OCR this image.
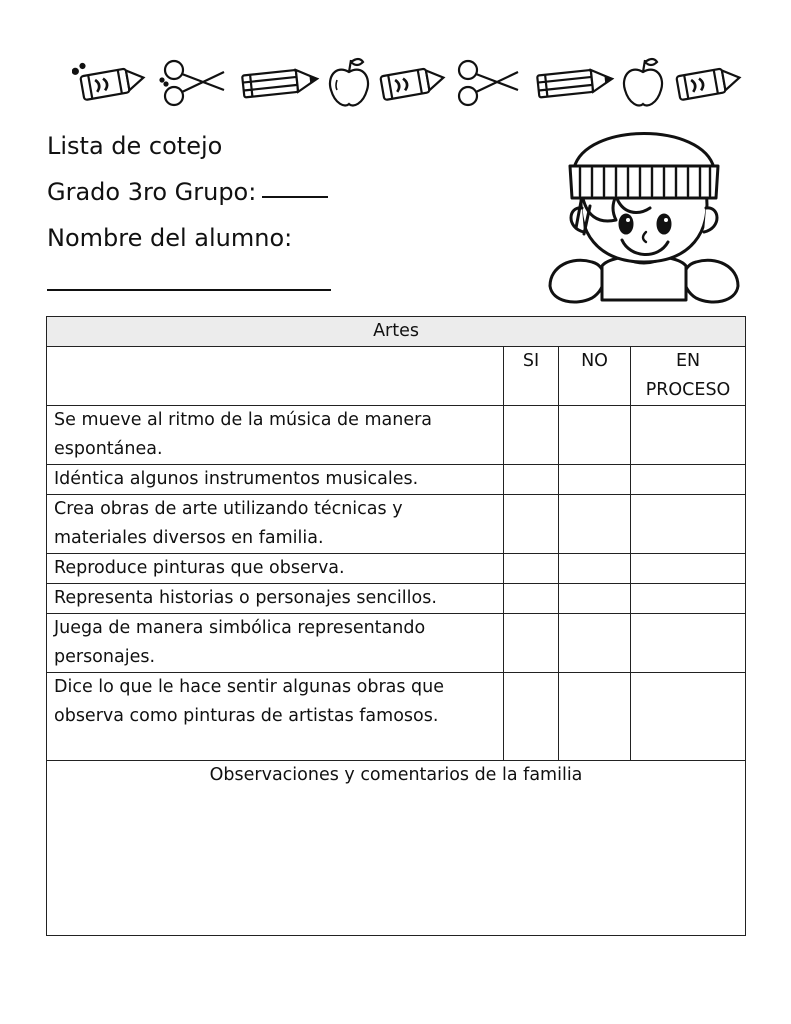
Lista de cotejo
Grado 3ro Grupo:
Nombre del alumno:
Artes			
	SI	NO	EN PROCESO
Se mueve al ritmo de la música de manera espontánea.			
Idéntica algunos instrumentos musicales.			
Crea obras de arte utilizando técnicas y materiales diversos en familia.			
Reproduce pinturas que observa.			
Representa historias o personajes sencillos.			
Juega de manera simbólica representando personajes.			
Dice lo que le hace sentir algunas obras que observa como pinturas de artistas famosos.			
Observaciones y comentarios de la familia			
